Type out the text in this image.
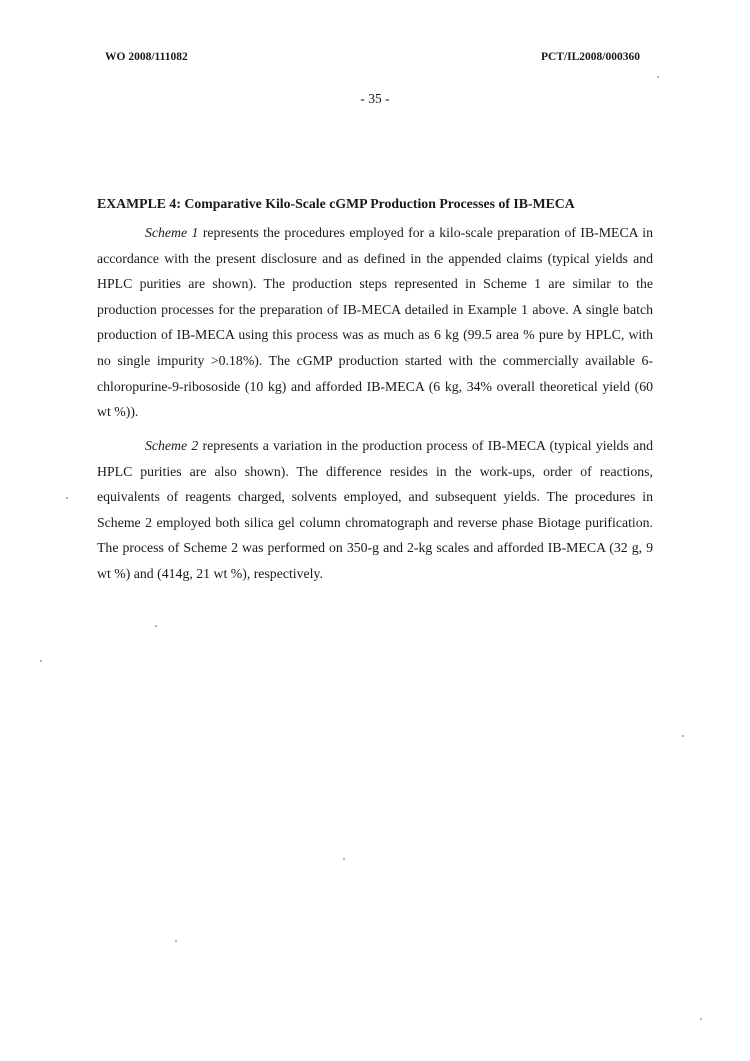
WO 2008/111082	PCT/IL2008/000360
- 35 -
EXAMPLE 4: Comparative Kilo-Scale cGMP Production Processes of IB-MECA
Scheme 1 represents the procedures employed for a kilo-scale preparation of IB-MECA in accordance with the present disclosure and as defined in the appended claims (typical yields and HPLC purities are shown). The production steps represented in Scheme 1 are similar to the production processes for the preparation of IB-MECA detailed in Example 1 above. A single batch production of IB-MECA using this process was as much as 6 kg (99.5 area % pure by HPLC, with no single impurity >0.18%). The cGMP production started with the commercially available 6-chloropurine-9-ribososide (10 kg) and afforded IB-MECA (6 kg, 34% overall theoretical yield (60 wt %)).
Scheme 2 represents a variation in the production process of IB-MECA (typical yields and HPLC purities are also shown). The difference resides in the work-ups, order of reactions, equivalents of reagents charged, solvents employed, and subsequent yields. The procedures in Scheme 2 employed both silica gel column chromatograph and reverse phase Biotage purification. The process of Scheme 2 was performed on 350-g and 2-kg scales and afforded IB-MECA (32 g, 9 wt %) and (414g, 21 wt %), respectively.
